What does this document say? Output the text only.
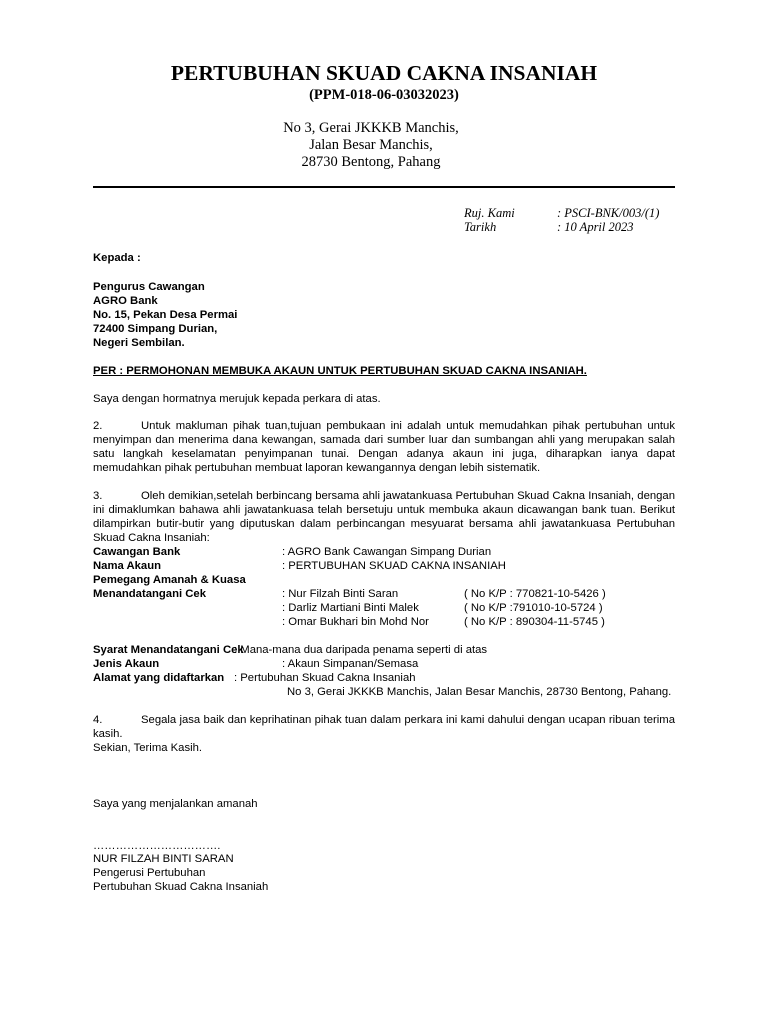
PERTUBUHAN SKUAD CAKNA INSANIAH
(PPM-018-06-03032023)
No 3, Gerai JKKKB Manchis,
Jalan Besar Manchis,
28730 Bentong, Pahang
Ruj. Kami	: PSCI-BNK/003/(1)
Tarikh	: 10 April 2023
Kepada :
Pengurus Cawangan
AGRO Bank
No. 15, Pekan Desa Permai
72400 Simpang Durian,
Negeri Sembilan.
PER : PERMOHONAN MEMBUKA AKAUN UNTUK PERTUBUHAN SKUAD CAKNA INSANIAH.
Saya dengan hormatnya merujuk kepada perkara di atas.
2.	Untuk makluman pihak tuan,tujuan pembukaan ini adalah untuk memudahkan pihak pertubuhan untuk menyimpan dan menerima dana kewangan, samada dari sumber luar dan sumbangan ahli yang merupakan salah satu langkah keselamatan penyimpanan tunai. Dengan adanya akaun ini juga, diharapkan ianya dapat memudahkan pihak pertubuhan membuat laporan kewangannya dengan lebih sistematik.
3.	Oleh demikian,setelah berbincang bersama ahli jawatankuasa Pertubuhan Skuad Cakna Insaniah, dengan ini dimaklumkan bahawa ahli jawatankuasa telah bersetuju untuk membuka akaun dicawangan bank tuan. Berikut dilampirkan butir-butir yang diputuskan dalam perbincangan mesyuarat bersama ahli jawatankuasa Pertubuhan Skuad Cakna Insaniah:
Cawangan Bank	: AGRO Bank Cawangan Simpang Durian
Nama Akaun	: PERTUBUHAN SKUAD CAKNA INSANIAH
Pemegang Amanah & Kuasa
Menandatangani Cek	: Nur Filzah Binti Saran	( No K/P : 770821-10-5426 )
: Darliz Martiani Binti Malek	( No K/P :791010-10-5724 )
: Omar Bukhari bin Mohd Nor	( No K/P : 890304-11-5745 )
Syarat Menandatangani Cek
: Mana-mana dua daripada penama seperti di atas
Jenis Akaun	: Akaun Simpanan/Semasa
Alamat yang didaftarkan : Pertubuhan Skuad Cakna Insaniah
No 3, Gerai JKKKB Manchis, Jalan Besar Manchis, 28730 Bentong, Pahang.
4.	Segala jasa baik dan keprihatinan pihak tuan dalam perkara ini kami dahului dengan ucapan ribuan terima kasih.
Sekian, Terima Kasih.
Saya yang menjalankan amanah
…………………………….
NUR FILZAH BINTI SARAN
Pengerusi Pertubuhan
Pertubuhan Skuad Cakna Insaniah
